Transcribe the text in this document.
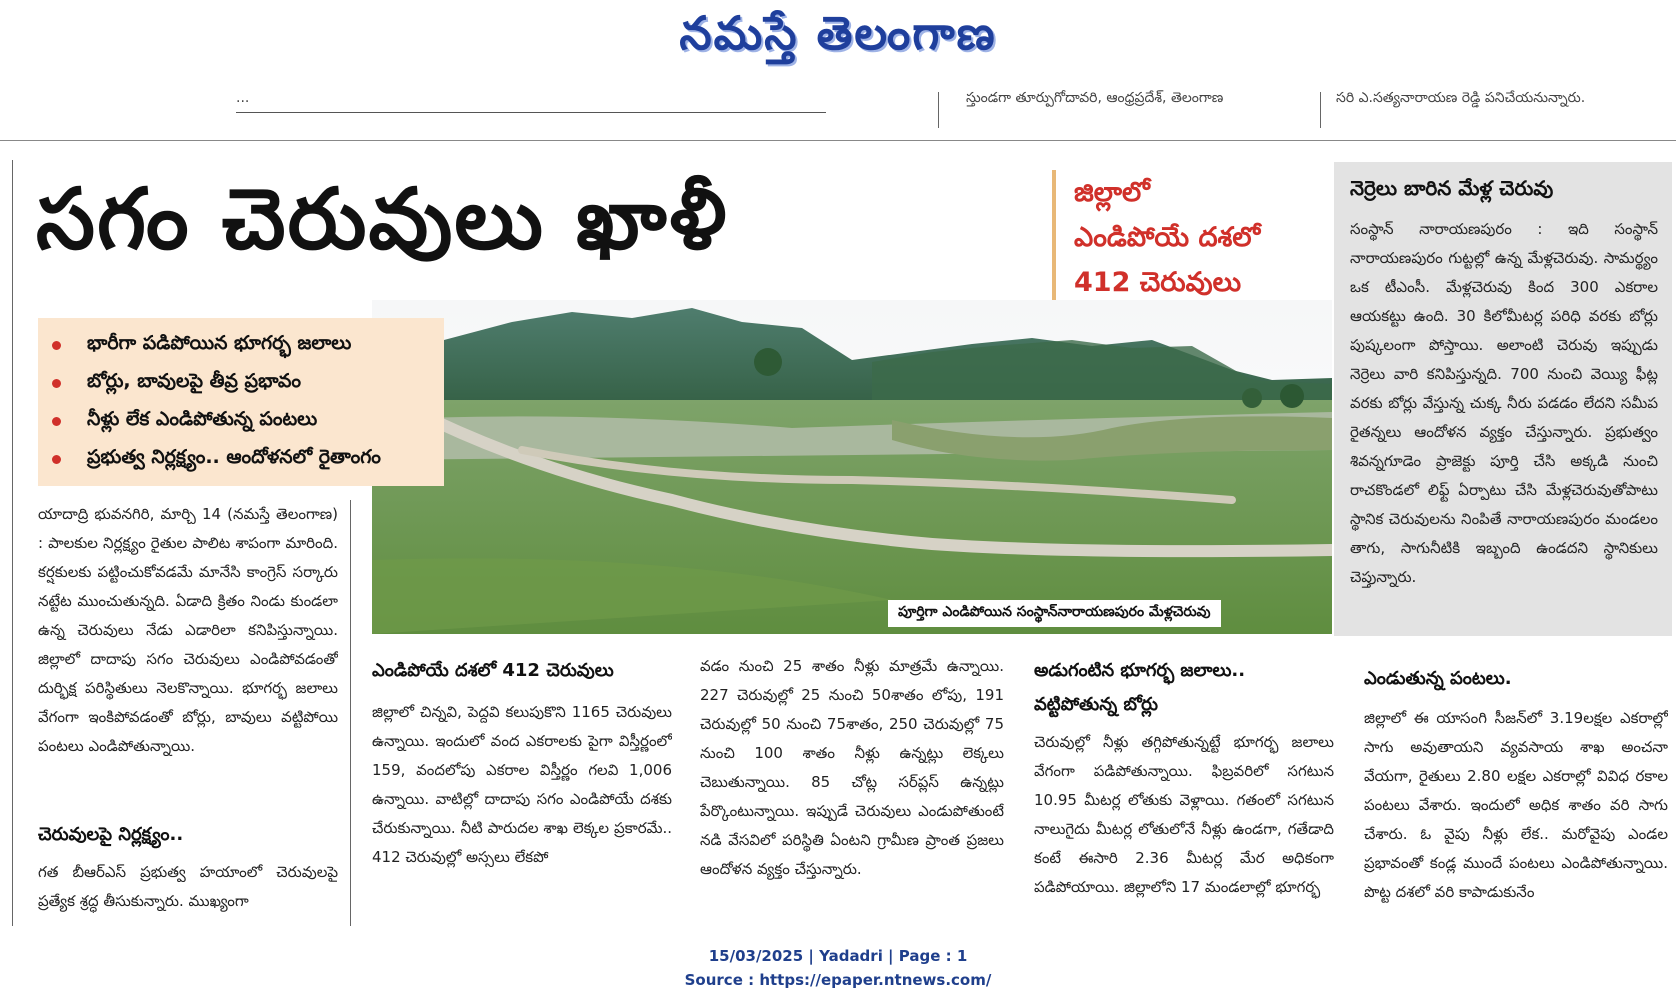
నమస్తే తెలంగాణ
...	స్తుండగా తూర్పుగోదావరి, ఆంధ్రప్రదేశ్, తెలంగాణ	సరి ఎ.సత్యనారాయణ రెడ్డి పనిచేయనున్నారు.
సగం చెరువులు ఖాళీ	జిల్లాలో
ఎండిపోయే దశలో
412 చెరువులు
భారీగా పడిపోయిన భూగర్భ జలాలు
బోర్లు, బావులపై తీవ్ర ప్రభావం
నీళ్లు లేక ఎండిపోతున్న పంటలు
ప్రభుత్వ నిర్లక్ష్యం.. ఆందోళనలో రైతాంగం
పూర్తిగా ఎండిపోయిన సంస్థాన్‌నారాయణపురం మేళ్లచెరువు
నెర్రెలు బారిన మేళ్ల చెరువు
సంస్థాన్ నారాయణపురం : ఇది సంస్థాన్ నారాయణపురం గుట్టల్లో ఉన్న మేళ్లచెరువు. సామర్థ్యం ఒక టీఎంసీ. మేళ్లచెరువు కింద 300 ఎకరాల ఆయకట్టు ఉంది. 30 కిలోమీటర్ల పరిధి వరకు బోర్లు పుష్కలంగా పోస్తాయి. అలాంటి చెరువు ఇప్పుడు నెర్రెలు వారి కనిపిస్తున్నది. 700 నుంచి వెయ్యి ఫీట్ల వరకు బోర్లు వేస్తున్న చుక్క నీరు పడడం లేదని సమీప రైతన్నలు ఆందోళన వ్యక్తం చేస్తున్నారు. ప్రభుత్వం శివన్నగూడెం ప్రాజెక్టు పూర్తి చేసి అక్కడి నుంచి రాచకొండలో లిఫ్ట్ ఏర్పాటు చేసి మేళ్లచెరువుతోపాటు స్థానిక చెరువులను నింపితే నారాయణపురం మండలం తాగు, సాగునీటికి ఇబ్బంది ఉండదని స్థానికులు చెప్తున్నారు.
యాదాద్రి భువనగిరి, మార్చి 14 (నమస్తే తెలంగాణ) : పాలకుల నిర్లక్ష్యం రైతుల పాలిట శాపంగా మారింది. కర్షకులకు పట్టించుకోవడమే మానేసి కాంగ్రెస్ సర్కారు నట్టేట ముంచుతున్నది. ఏడాది క్రితం నిండు కుండలా ఉన్న చెరువులు నేడు ఎడారిలా కనిపిస్తున్నాయి. జిల్లాలో దాదాపు సగం చెరువులు ఎండిపోవడంతో దుర్భిక్ష పరిస్థితులు నెలకొన్నాయి. భూగర్భ జలాలు వేగంగా ఇంకిపోవడంతో బోర్లు, బావులు వట్టిపోయి పంటలు ఎండిపోతున్నాయి.
చెరువులపై నిర్లక్ష్యం..
గత బీఆర్ఎస్ ప్రభుత్వ హయాంలో చెరువులపై ప్రత్యేక శ్రద్ధ తీసుకున్నారు. ముఖ్యంగా
ఎండిపోయే దశలో 412 చెరువులు
జిల్లాలో చిన్నవి, పెద్దవి కలుపుకొని 1165 చెరువులు ఉన్నాయి. ఇందులో వంద ఎకరాలకు పైగా విస్తీర్ణంలో 159, వందలోపు ఎకరాల విస్తీర్ణం గలవి 1,006 ఉన్నాయి. వాటిల్లో దాదాపు సగం ఎండిపోయే దశకు చేరుకున్నాయి. నీటి పారుదల శాఖ లెక్కల ప్రకారమే.. 412 చెరువుల్లో అస్సలు లేకపో
వడం నుంచి 25 శాతం నీళ్లు మాత్రమే ఉన్నాయి. 227 చెరువుల్లో 25 నుంచి 50శాతం లోపు, 191 చెరువుల్లో 50 నుంచి 75శాతం, 250 చెరువుల్లో 75 నుంచి 100 శాతం నీళ్లు ఉన్నట్లు లెక్కలు చెబుతున్నాయి. 85 చోట్ల సర్‌ప్లస్ ఉన్నట్లు పేర్కొంటున్నాయి. ఇప్పుడే చెరువులు ఎండుపోతుంటే నడి వేసవిలో పరిస్థితి ఏంటని గ్రామీణ ప్రాంత ప్రజలు ఆందోళన వ్యక్తం చేస్తున్నారు.
అడుగంటిన భూగర్భ జలాలు..
వట్టిపోతున్న బోర్లు
చెరువుల్లో నీళ్లు తగ్గిపోతున్నట్టే భూగర్భ జలాలు వేగంగా పడిపోతున్నాయి. ఫిబ్రవరిలో సగటున 10.95 మీటర్ల లోతుకు వెళ్లాయి. గతంలో సగటున నాలుగైదు మీటర్ల లోతులోనే నీళ్లు ఉండగా, గతేడాది కంటే ఈసారి 2.36 మీటర్ల మేర అధికంగా పడిపోయాయి. జిల్లాలోని 17 మండలాల్లో భూగర్భ
ఎండుతున్న పంటలు.
జిల్లాలో ఈ యాసంగి సీజన్‌లో 3.19లక్షల ఎకరాల్లో సాగు అవుతాయని వ్యవసాయ శాఖ అంచనా వేయగా, రైతులు 2.80 లక్షల ఎకరాల్లో వివిధ రకాల పంటలు వేశారు. ఇందులో అధిక శాతం వరి సాగు చేశారు. ఓ వైపు నీళ్లు లేక.. మరోవైపు ఎండల ప్రభావంతో కండ్ల ముందే పంటలు ఎండిపోతున్నాయి. పొట్ట దశలో వరి కాపాడుకునేం
15/03/2025 | Yadadri | Page : 1
Source : https://epaper.ntnews.com/
